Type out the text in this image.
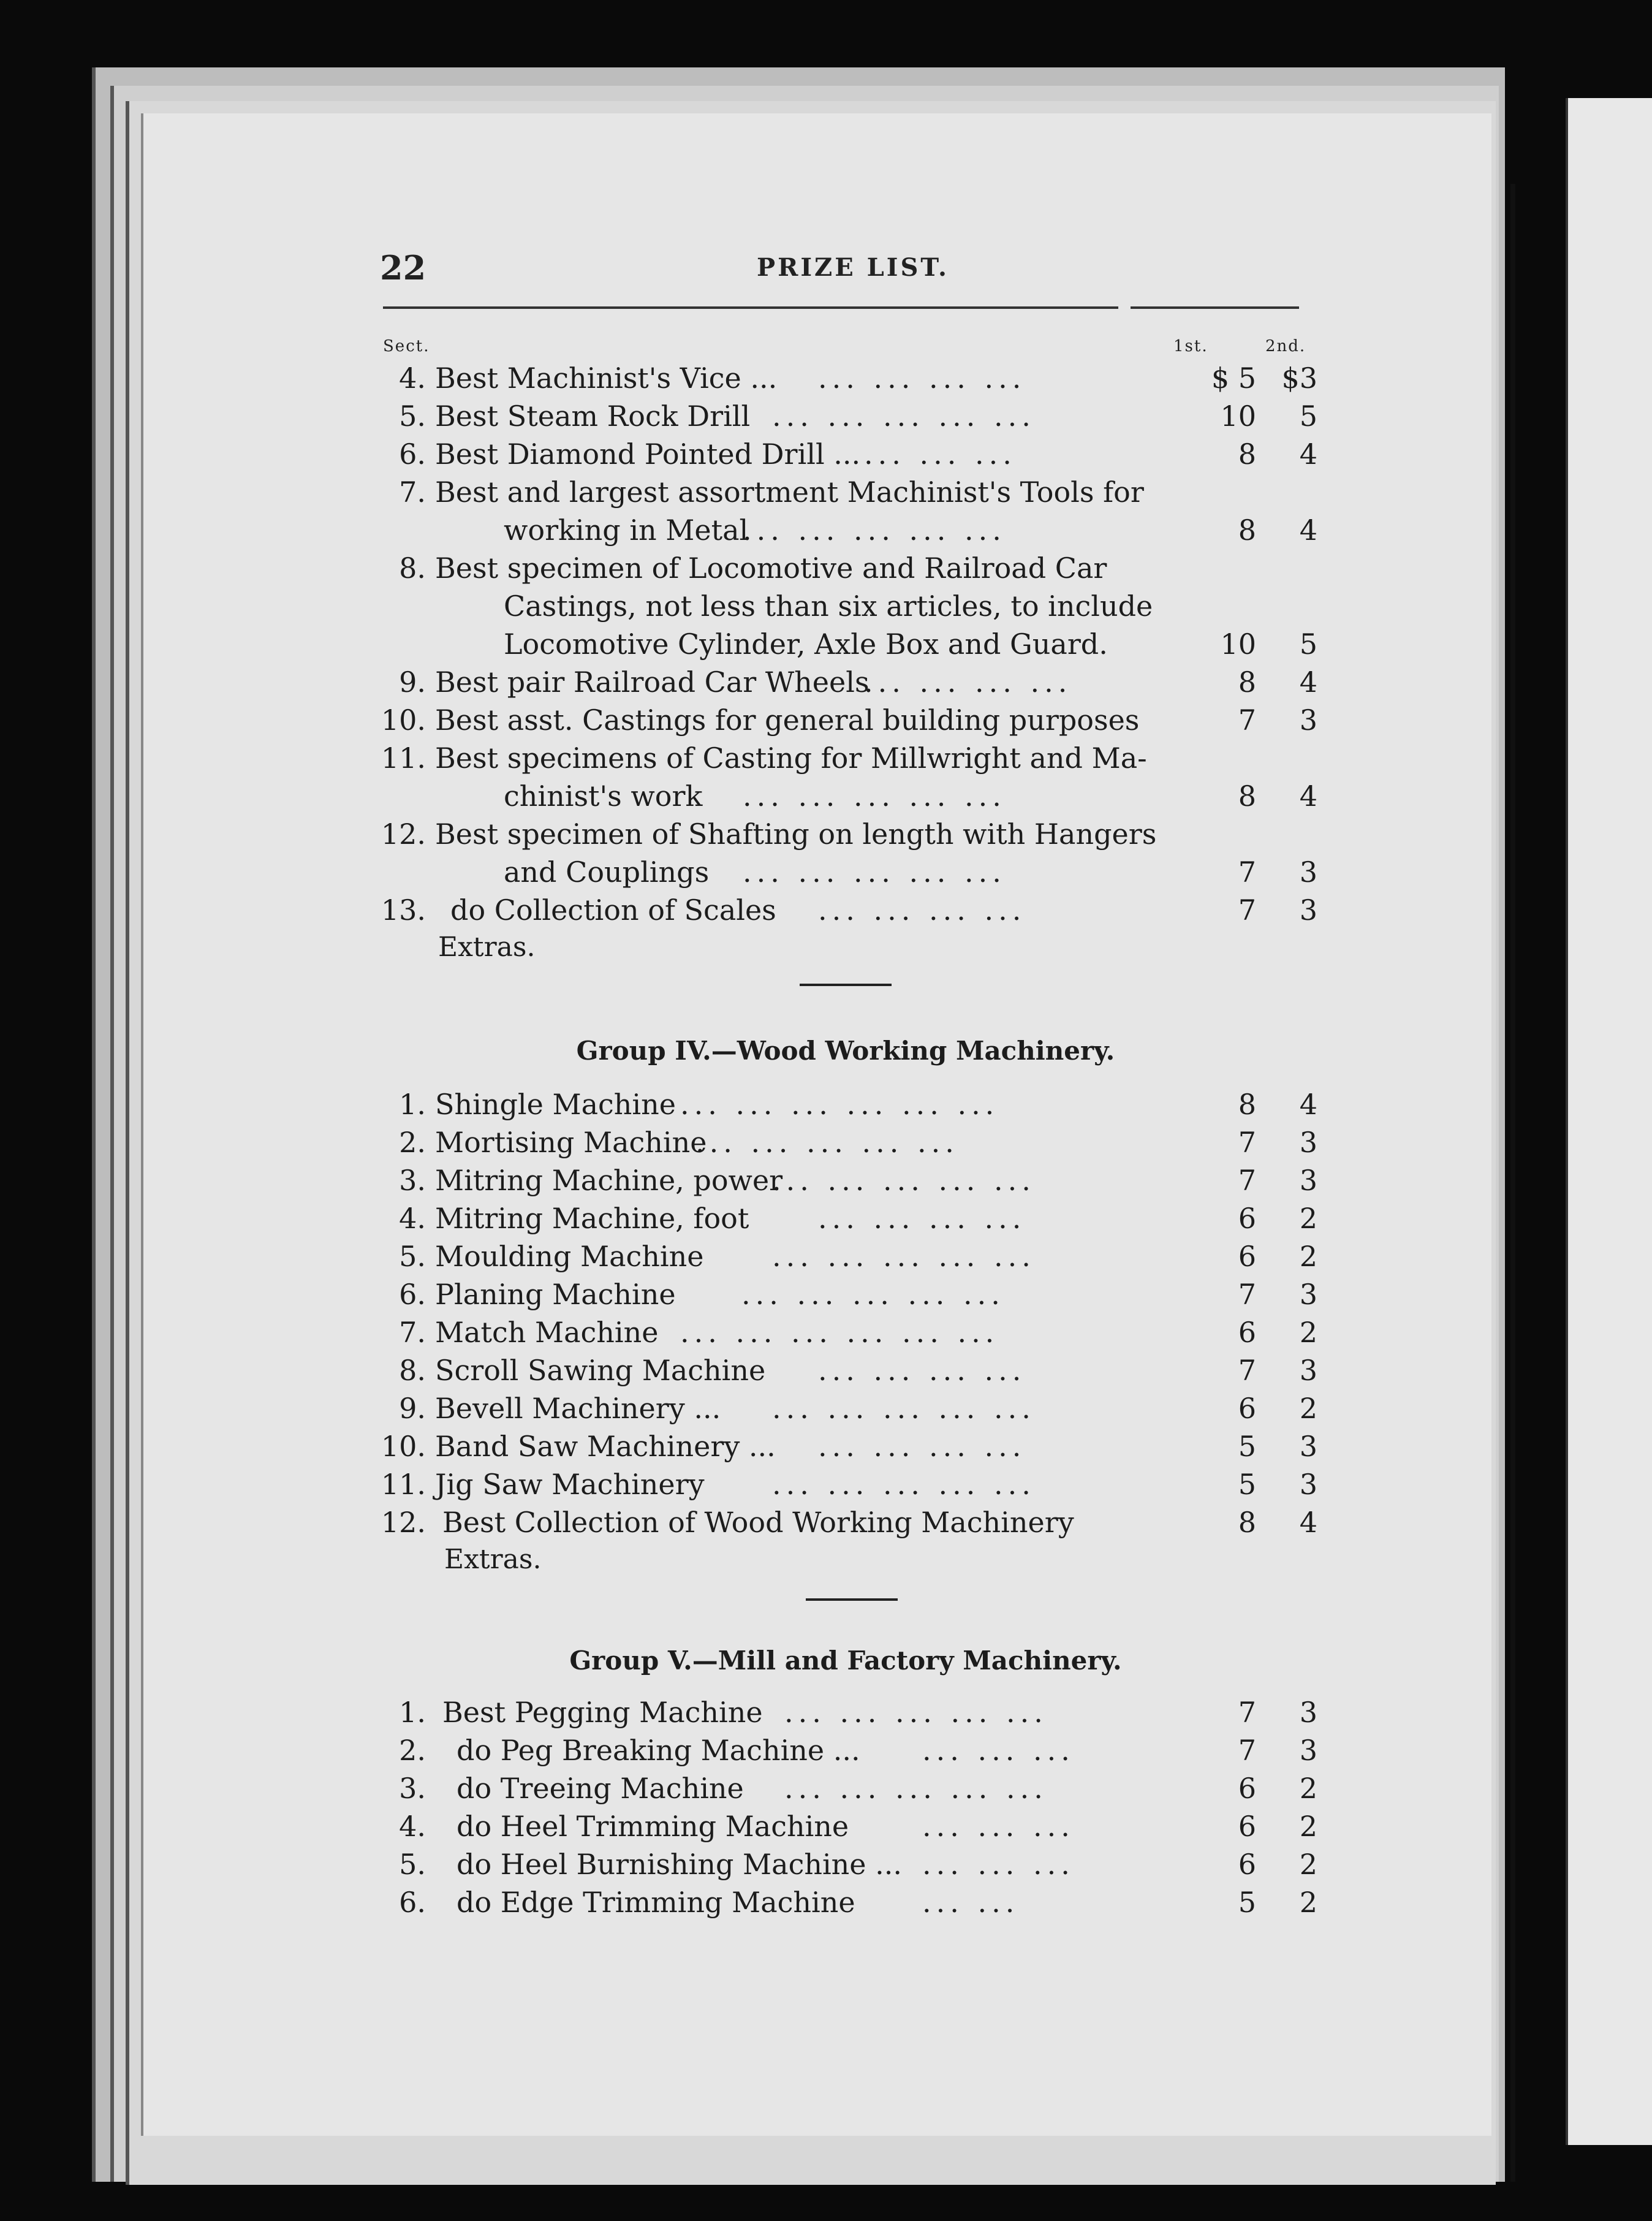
22	PRIZE LIST.
Sect.	1st.	2nd.
4. Best Machinist's Vice ... ... ... ... ...	$ 5 $3
5. Best Steam Rock Drill ... ... ... ... ...	10	5
6. Best Diamond Pointed Drill ... ... ... ...	8	4
7. Best and largest assortment Machinist's Tools for
working in Metal
... ... ... ... ...	8	4
8. Best specimen of Locomotive and Railroad Car
Castings, not less than six articles, to include
Locomotive Cylinder, Axle Box and Guard.	10	5
9. Best pair Railroad Car Wheels
... ... ... ...	8	4
10. Best asst. Castings for general building purposes	7	3
11. Best specimens of Casting for Millwright and Ma-
chinist's work ... ... ... ... ...	8	4
12. Best specimen of Shafting on length with Hangers
and Couplings ... ... ... ... ...	7	3
13. do Collection of Scales ... ... ... ...	7	3
Extras.
Group IV.—Wood Working Machinery.
1. Shingle Machine ... ... ... ... ... ...	8	4
2. Mortising Machine
... ... ... ... ...	7	3
3. Mitring Machine, power
... ... ... ... ...	7	3
4. Mitring Machine, foot ... ... ... ...	6	2
5. Moulding Machine ... ... ... ... ...	6	2
6. Planing Machine ... ... ... ... ...	7	3
7. Match Machine ... ... ... ... ... ...	6	2
8. Scroll Sawing Machine ... ... ... ...	7	3
9. Bevell Machinery ... ... ... ... ... ...	6	2
10. Band Saw Machinery ... ... ... ... ...	5	3
11. Jig Saw Machinery ... ... ... ... ...	5	3
12. Best Collection of Wood Working Machinery	8	4
Extras.
Group V.—Mill and Factory Machinery.
1. Best Pegging Machine ... ... ... ... ...	7	3
2. do Peg Breaking Machine ... ... ... ...	7	3
3. do Treeing Machine ... ... ... ... ...	6	2
4. do Heel Trimming Machine	... ... ...	6	2
5. do Heel Burnishing Machine ... ... ... ...	6	2
6. do Edge Trimming Machine ... ...	5	2
